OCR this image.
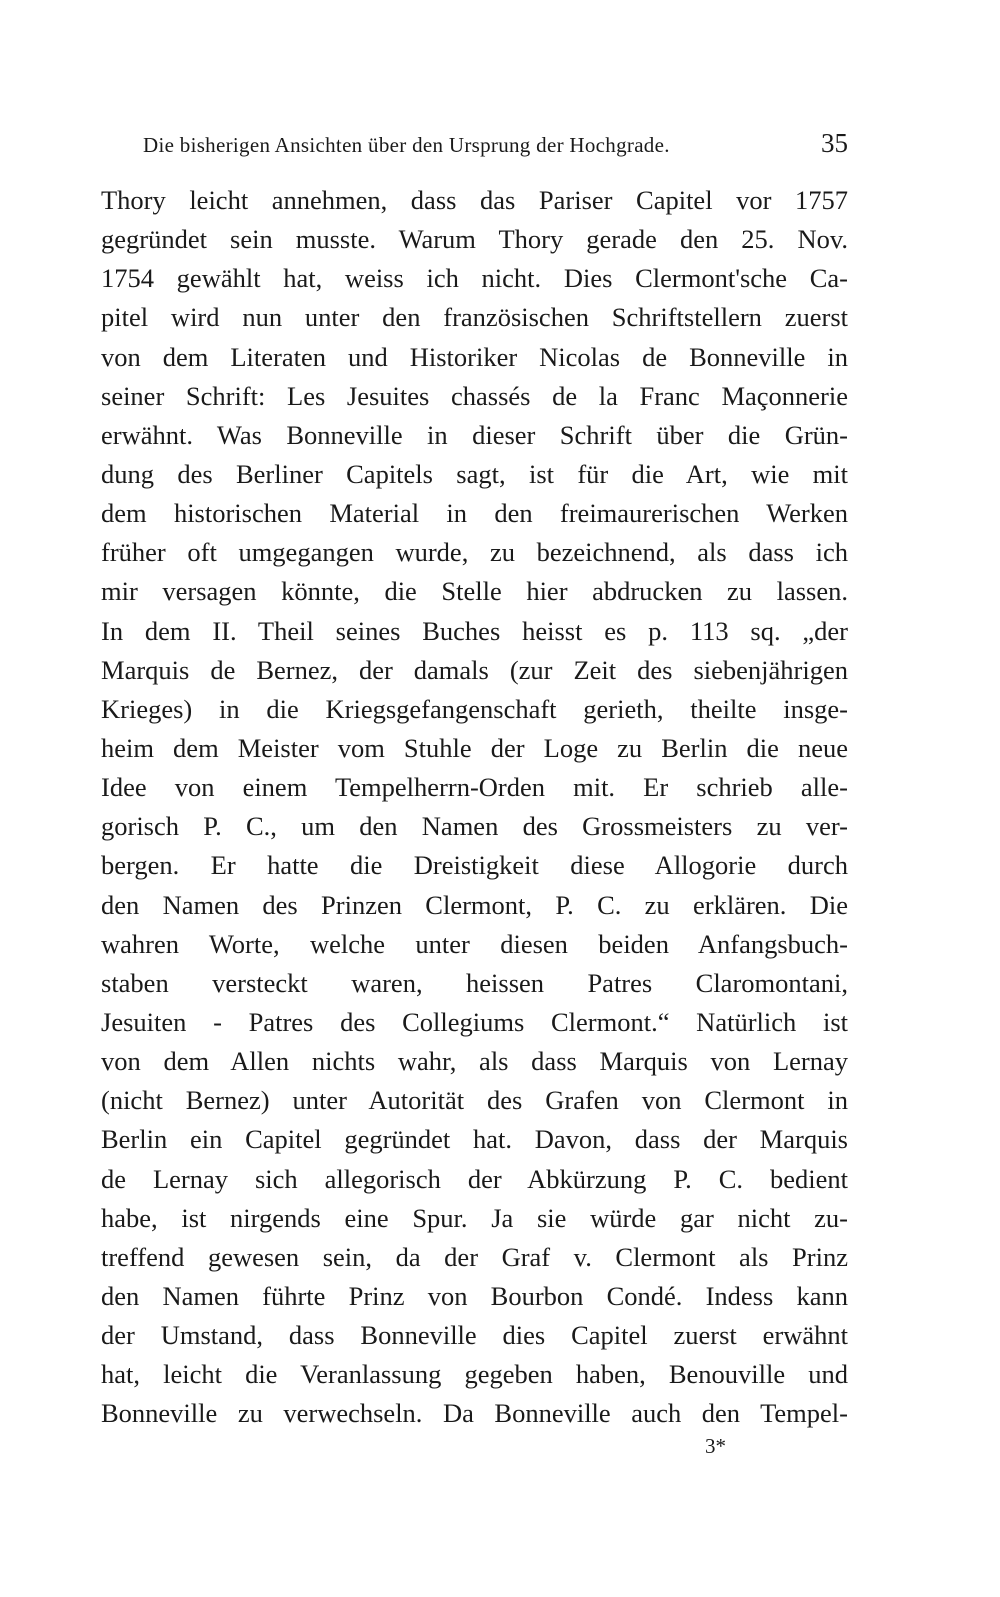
Die bisherigen Ansichten über den Ursprung der Hochgrade.	35
Thory leicht annehmen, dass das Pariser Capitel vor 1757
gegründet sein musste. Warum Thory gerade den 25. Nov.
1754 gewählt hat, weiss ich nicht. Dies Clermont'sche Ca-
pitel wird nun unter den französischen Schriftstellern zuerst
von dem Literaten und Historiker Nicolas de Bonneville in
seiner Schrift: Les Jesuites chassés de la Franc Maçonnerie
erwähnt. Was Bonneville in dieser Schrift über die Grün-
dung des Berliner Capitels sagt, ist für die Art, wie mit
dem historischen Material in den freimaurerischen Werken
früher oft umgegangen wurde, zu bezeichnend, als dass ich
mir versagen könnte, die Stelle hier abdrucken zu lassen.
In dem II. Theil seines Buches heisst es p. 113 sq. „der
Marquis de Bernez, der damals (zur Zeit des siebenjährigen
Krieges) in die Kriegsgefangenschaft gerieth, theilte insge-
heim dem Meister vom Stuhle der Loge zu Berlin die neue
Idee von einem Tempelherrn-Orden mit. Er schrieb alle-
gorisch P. C., um den Namen des Grossmeisters zu ver-
bergen. Er hatte die Dreistigkeit diese Allogorie durch
den Namen des Prinzen Clermont, P. C. zu erklären. Die
wahren Worte, welche unter diesen beiden Anfangsbuch-
staben versteckt waren, heissen Patres Claromontani,
Jesuiten - Patres des Collegiums Clermont.“ Natürlich ist
von dem Allen nichts wahr, als dass Marquis von Lernay
(nicht Bernez) unter Autorität des Grafen von Clermont in
Berlin ein Capitel gegründet hat. Davon, dass der Marquis
de Lernay sich allegorisch der Abkürzung P. C. bedient
habe, ist nirgends eine Spur. Ja sie würde gar nicht zu-
treffend gewesen sein, da der Graf v. Clermont als Prinz
den Namen führte Prinz von Bourbon Condé. Indess kann
der Umstand, dass Bonneville dies Capitel zuerst erwähnt
hat, leicht die Veranlassung gegeben haben, Benouville und
Bonneville zu verwechseln. Da Bonneville auch den Tempel-
3*
